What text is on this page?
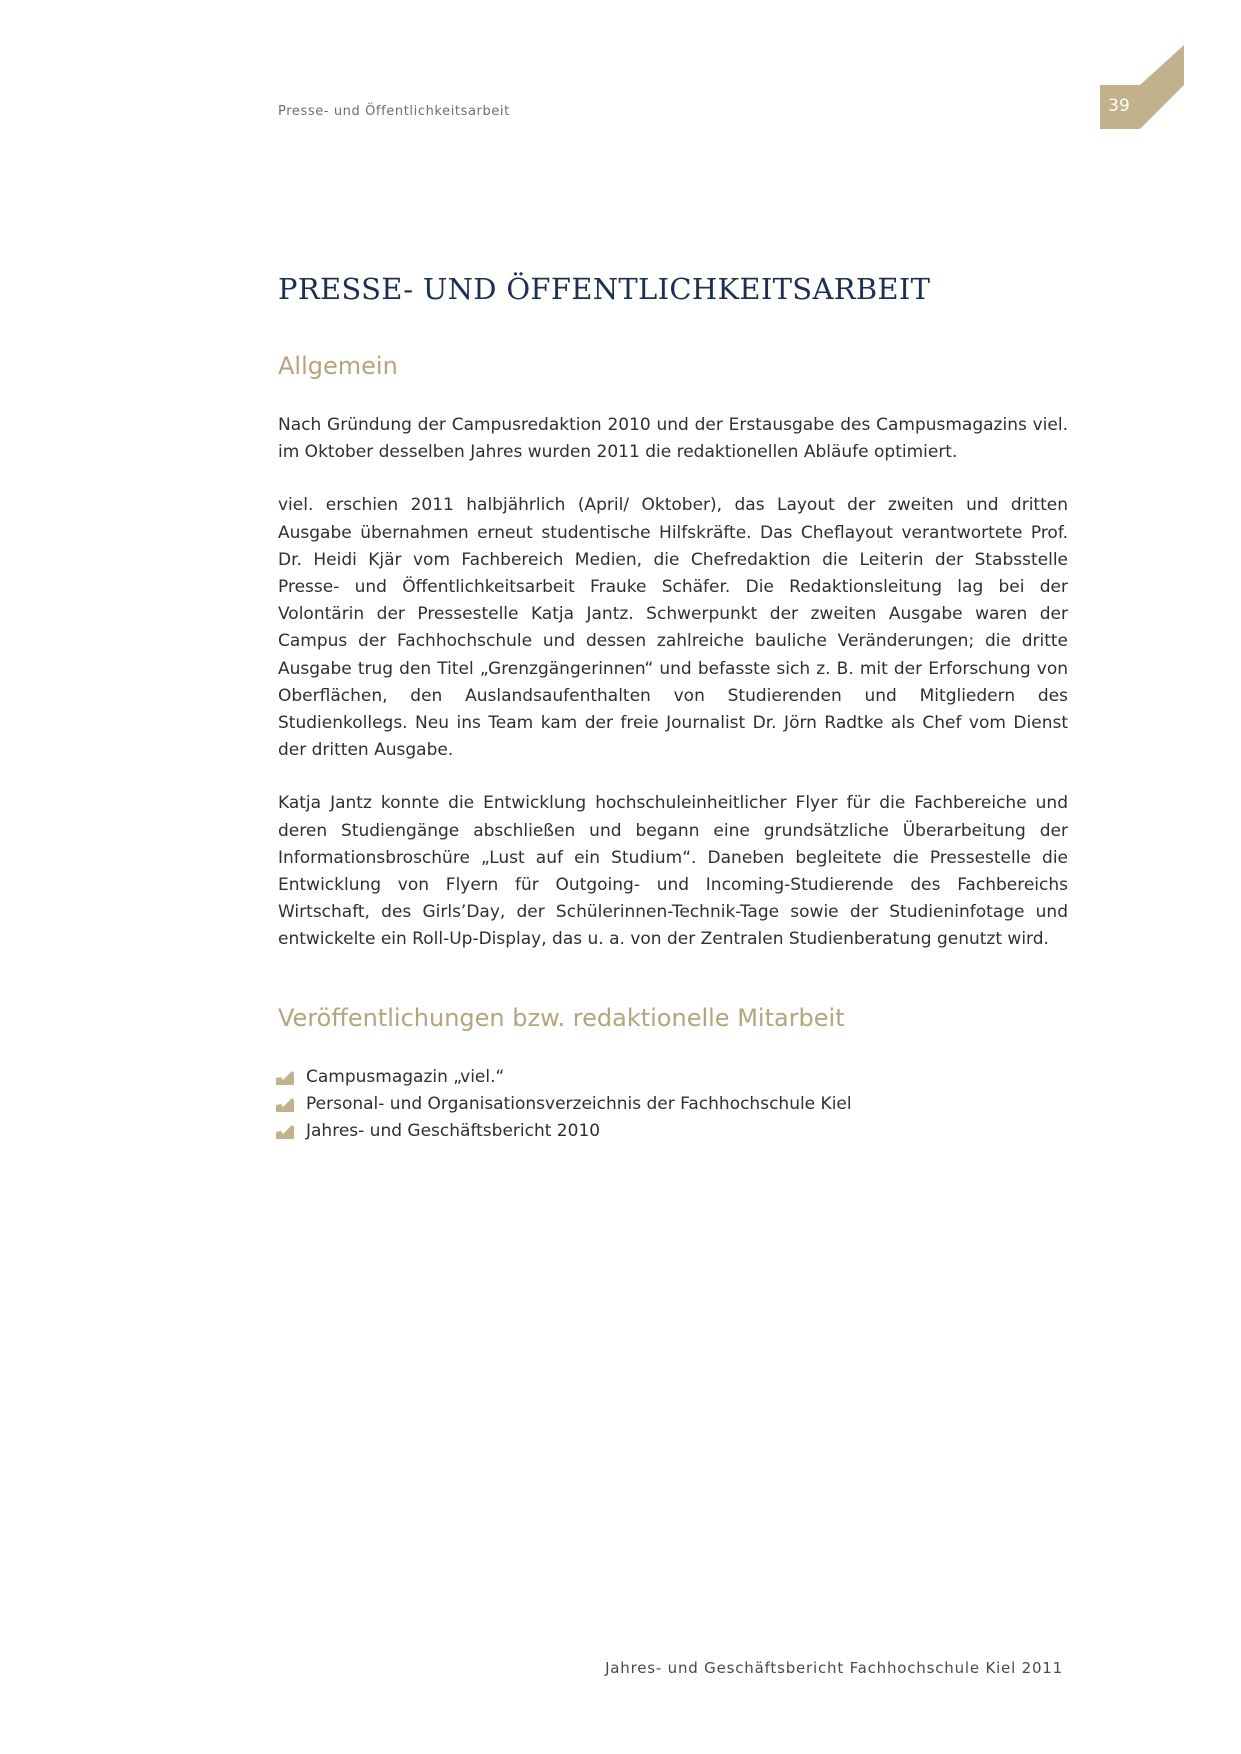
Presse- und Öffentlichkeitsarbeit	39
PRESSE- UND ÖFFENTLICHKEITSARBEIT
Allgemein

Nach Gründung der Campusredaktion 2010 und der Erstausgabe des Campusmagazins viel. im Oktober desselben Jahres wurden 2011 die redaktionellen Abläufe optimiert.

viel. erschien 2011 halbjährlich (April/ Oktober), das Layout der zweiten und dritten Ausgabe übernahmen erneut studentische Hilfskräfte. Das Cheflayout verantwortete Prof. Dr. Heidi Kjär vom Fachbereich Medien, die Chefredaktion die Leiterin der Stabsstelle Presse- und Öffentlichkeitsarbeit Frauke Schäfer. Die Redaktionsleitung lag bei der Volontärin der Pressestelle Katja Jantz. Schwerpunkt der zweiten Ausgabe waren der Campus der Fachhochschule und dessen zahlreiche bauliche Veränderungen; die dritte Ausgabe trug den Titel „Grenzgängerinnen“ und befasste sich z. B. mit der Erforschung von Oberflächen, den Auslandsaufenthalten von Studierenden und Mitgliedern des Studienkollegs. Neu ins Team kam der freie Journalist Dr. Jörn Radtke als Chef vom Dienst der dritten Ausgabe.

Katja Jantz konnte die Entwicklung hochschuleinheitlicher Flyer für die Fachbereiche und deren Studiengänge abschließen und begann eine grundsätzliche Überarbeitung der Informationsbroschüre „Lust auf ein Studium“. Daneben begleitete die Pressestelle die Entwicklung von Flyern für Outgoing- und Incoming-Studierende des Fachbereichs Wirtschaft, des Girls’Day, der Schülerinnen-Technik-Tage sowie der Studieninfotage und entwickelte ein Roll-Up-Display, das u. a. von der Zentralen Studienberatung genutzt wird.

Veröffentlichungen bzw. redaktionelle Mitarbeit
Campusmagazin „viel.“
Personal- und Organisationsverzeichnis der Fachhochschule Kiel
Jahres- und Geschäftsbericht 2010
Jahres- und Geschäftsbericht Fachhochschule Kiel 2011
